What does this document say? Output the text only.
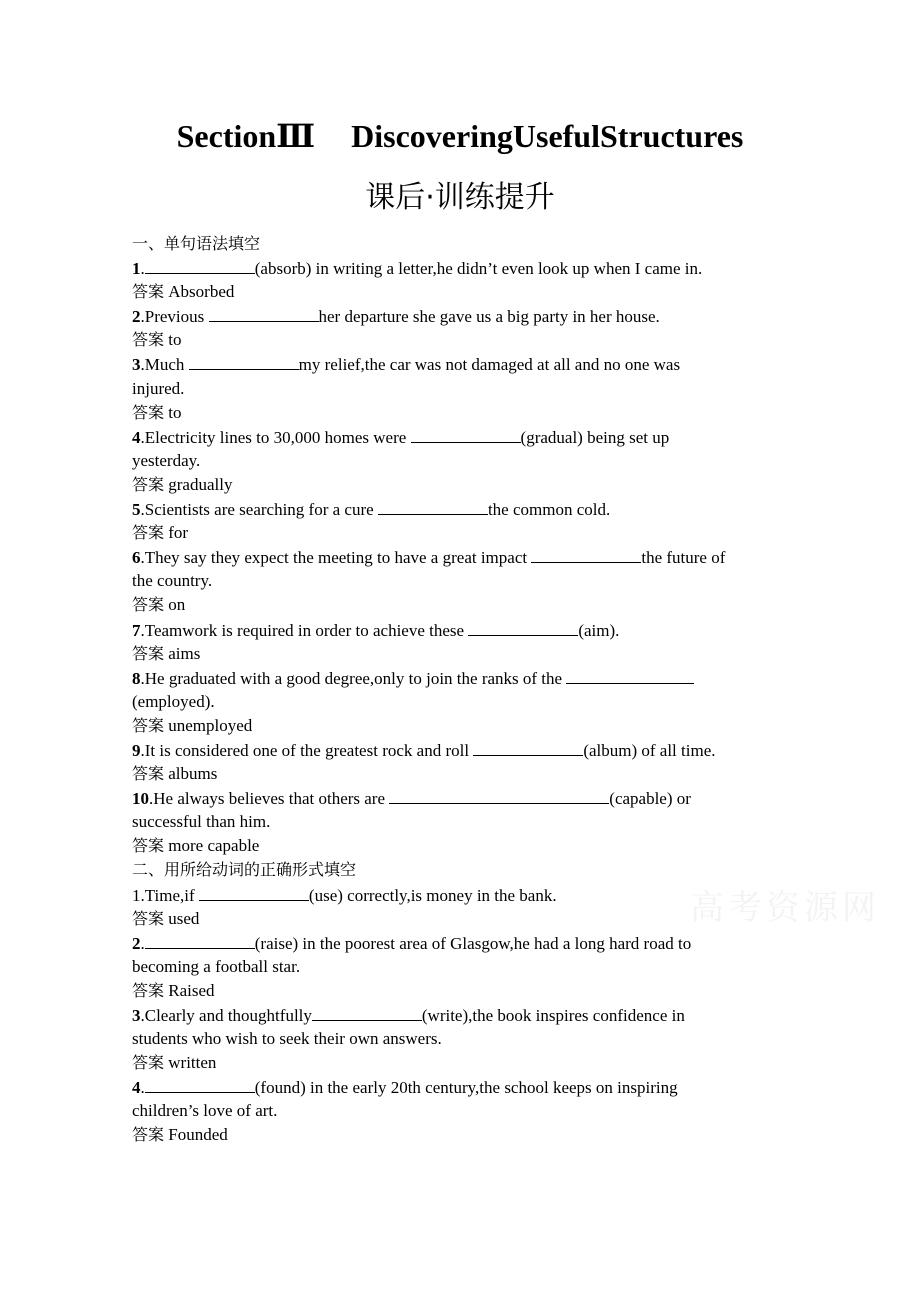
SectionⅢ DiscoveringUsefulStructures
课后·训练提升
一、单句语法填空
1.	(absorb) in writing a letter,he didn’t even look up when I came in.
答案 Absorbed
2.Previous	her departure she gave us a big party in her house.
答案 to
3.Much	my relief,the car was not damaged at all and no one was
injured.
答案 to
4.Electricity lines to 30,000 homes were	(gradual) being set up
yesterday.
答案 gradually
5.Scientists are searching for a cure	the common cold.
答案 for
6.They say they expect the meeting to have a great impact	the future of
the country.
答案 on
7.Teamwork is required in order to achieve these	(aim).
答案 aims
8.He graduated with a good degree,only to join the ranks of the
(employed).
答案 unemployed
9.It is considered one of the greatest rock and roll	(album) of all time.
答案 albums
10.He always believes that others are	(capable) or
successful than him.
答案 more capable
二、用所给动词的正确形式填空
1.Time,if	(use) correctly,is money in the bank.
答案 used
2.	(raise) in the poorest area of Glasgow,he had a long hard road to
becoming a football star.
答案 Raised
3.Clearly and thoughtfully	(write),the book inspires confidence in
students who wish to seek their own answers.
答案 written
4.	(found) in the early 20th century,the school keeps on inspiring
children’s love of art.
答案 Founded
高考资源网
